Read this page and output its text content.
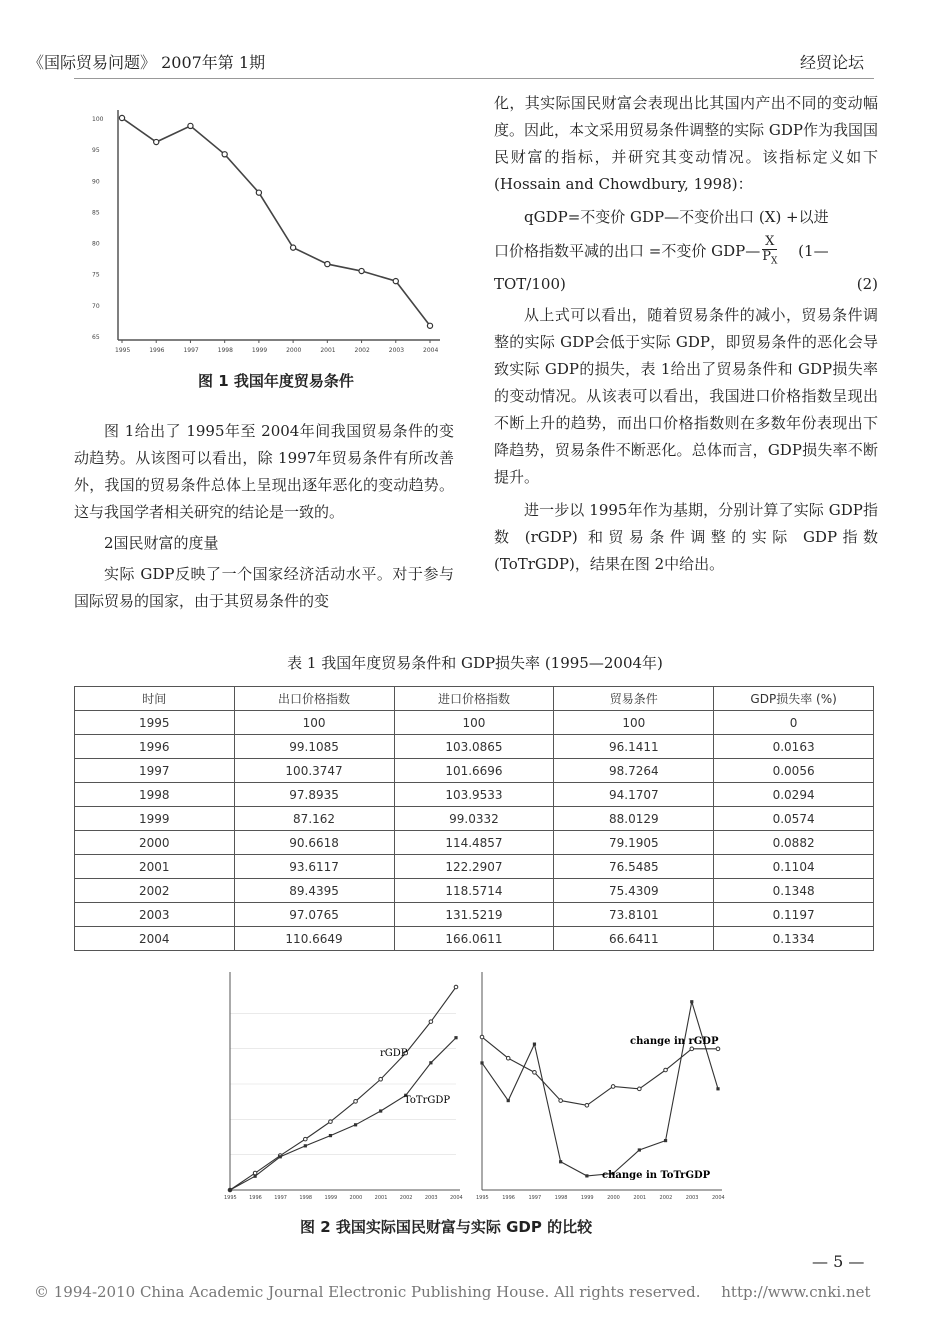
《国际贸易问题》 2007年第 1期	经贸论坛
100
95
90
85
80
75
70
65
1995	1996	1997	1998	1999	2000	2001	2002	2003	2004
图 1 我国年度贸易条件

图 1给出了 1995年至 2004年间我国贸易条件的变动趋势。从该图可以看出，除 1997年贸易条件有所改善外，我国的贸易条件总体上呈现出逐年恶化的变动趋势。这与我国学者相关研究的结论是一致的。

2国民财富的度量

实际 GDP反映了一个国家经济活动水平。对于参与国际贸易的国家，由于其贸易条件的变

化，其实际国民财富会表现出比其国内产出不同的变动幅度。因此，本文采用贸易条件调整的实际 GDP作为我国国民财富的指标，并研究其变动情况。该指标定义如下 (Hossain and Chowdbury, 1998)：

qGDP=不变价 GDP—不变价出口 (X) +以进

口价格指数平减的出口 =不变价 GDP— $\frac{X}{P_X}$ (1—

TOT/100)	(2)

从上式可以看出，随着贸易条件的减小，贸易条件调整的实际 GDP会低于实际 GDP，即贸易条件的恶化会导致实际 GDP的损失，表 1给出了贸易条件和 GDP损失率的变动情况。从该表可以看出，我国进口价格指数呈现出不断上升的趋势，而出口价格指数则在多数年份表现出下降趋势，贸易条件不断恶化。总体而言，GDP损失率不断提升。

进一步以 1995年作为基期，分别计算了实际 GDP指数 (rGDP) 和贸易条件调整的实际 GDP指数 (ToTrGDP)，结果在图 2中给出。

表 1 我国年度贸易条件和 GDP损失率 (1995—2004年)
时间	出口价格指数	进口价格指数	贸易条件	GDP损失率 (%)
1995	100	100	100	0
1996	99.1085	103.0865	96.1411	0.0163
1997	100.3747	101.6696	98.7264	0.0056
1998	97.8935	103.9533	94.1707	0.0294
1999	87.162	99.0332	88.0129	0.0574
2000	90.6618	114.4857	79.1905	0.0882
2001	93.6117	122.2907	76.5485	0.1104
2002	89.4395	118.5714	75.4309	0.1348
2003	97.0765	131.5219	73.8101	0.1197
2004	110.6649	166.0611	66.6411	0.1334
1995 1996 1997 1998 1999 2000 2001 2002 2003 2004	1995	1996	1997	1998	1999	2000	2001	2002	2003	2004
rGDP
ToTrGDP
change in rGDP
change in ToTrGDP
图 2 我国实际国民财富与实际 GDP 的比较
— 5 —
© 1994-2010 China Academic Journal Electronic Publishing House. All rights reserved. http://www.cnki.net
